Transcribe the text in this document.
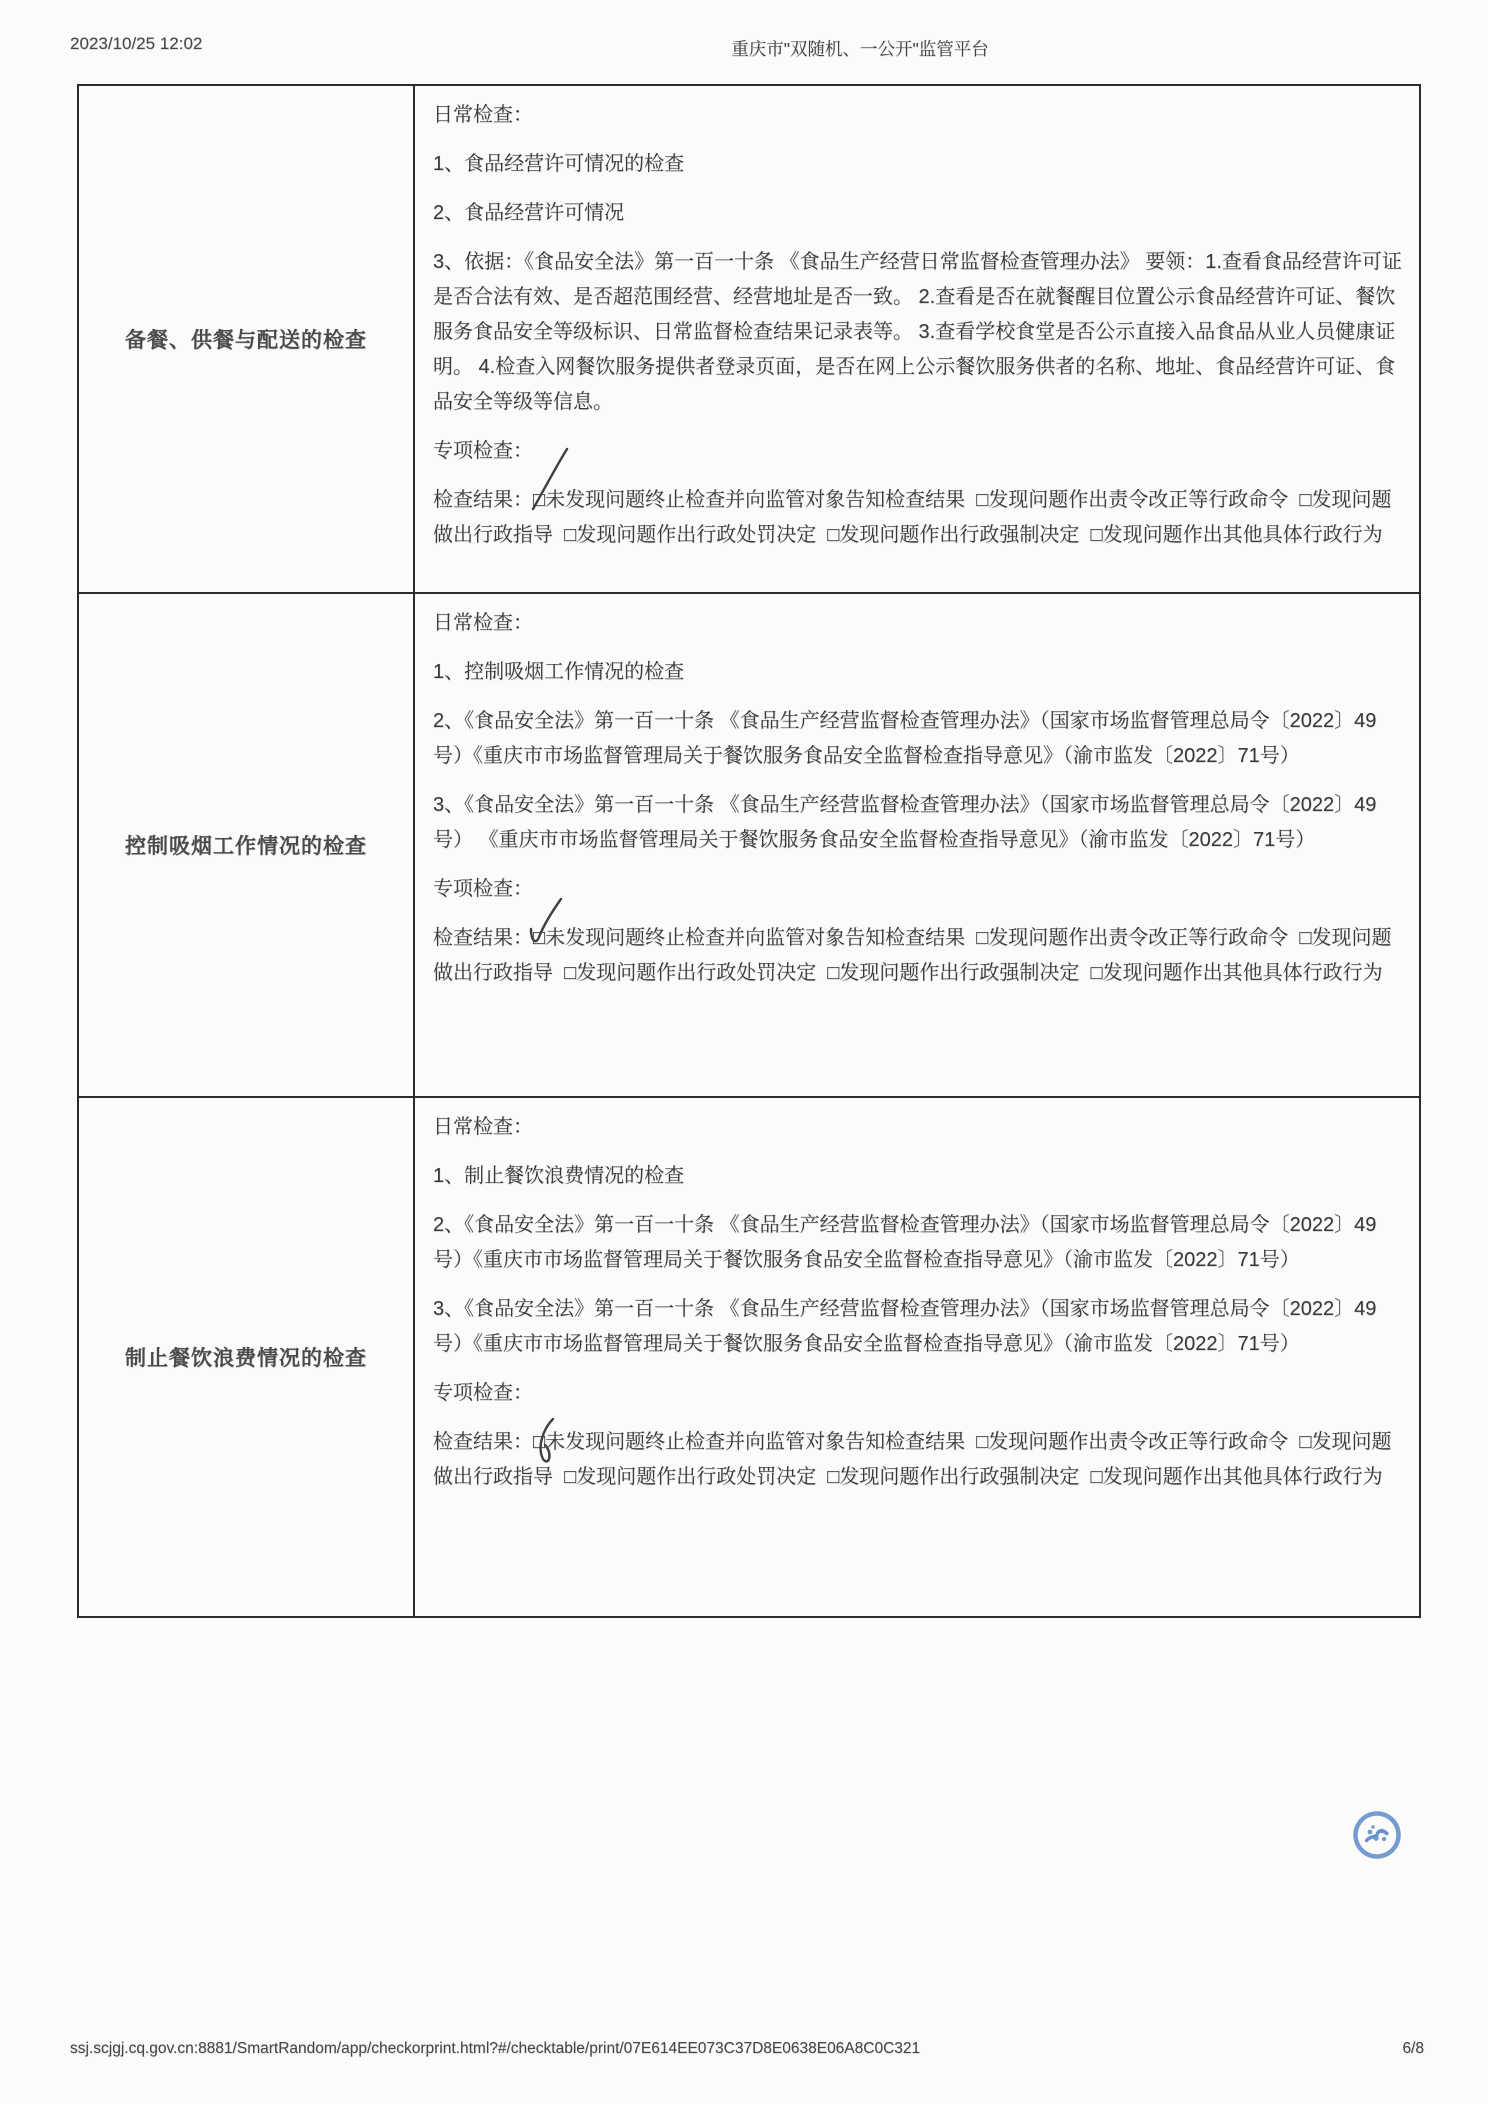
2023/10/25 12:02	重庆市"双随机、一公开"监管平台
备餐、供餐与配送的检查

日常检查：

1、食品经营许可情况的检查

2、食品经营许可情况

3、依据：《食品安全法》第一百一十条 《食品生产经营日常监督检查管理办法》 要领：1.查看食品经营许可证是否合法有效、是否超范围经营、经营地址是否一致。 2.查看是否在就餐醒目位置公示食品经营许可证、餐饮服务食品安全等级标识、日常监督检查结果记录表等。 3.查看学校食堂是否公示直接入品食品从业人员健康证明。 4.检查入网餐饮服务提供者登录页面，是否在网上公示餐饮服务供者的名称、地址、食品经营许可证、食品安全等级等信息。

专项检查：

检查结果：□
未发现问题终止检查并向监管对象告知检查结果  □发现问题作出责令改正等行政命令  □发现问题做出行政指导  □发现问题作出行政处罚决定  □发现问题作出行政强制决定  □发现问题作出其他具体行政行为

控制吸烟工作情况的检查

日常检查：

1、控制吸烟工作情况的检查

2、《食品安全法》第一百一十条 《食品生产经营监督检查管理办法》（国家市场监督管理总局令〔2022〕49号）《重庆市市场监督管理局关于餐饮服务食品安全监督检查指导意见》（渝市监发〔2022〕71号）

3、《食品安全法》第一百一十条 《食品生产经营监督检查管理办法》（国家市场监督管理总局令〔2022〕49号） 《重庆市市场监督管理局关于餐饮服务食品安全监督检查指导意见》（渝市监发〔2022〕71号）

专项检查：

检查结果：□
未发现问题终止检查并向监管对象告知检查结果  □发现问题作出责令改正等行政命令  □发现问题做出行政指导  □发现问题作出行政处罚决定  □发现问题作出行政强制决定  □发现问题作出其他具体行政行为

制止餐饮浪费情况的检查

日常检查：

1、制止餐饮浪费情况的检查

2、《食品安全法》第一百一十条 《食品生产经营监督检查管理办法》（国家市场监督管理总局令〔2022〕49号）《重庆市市场监督管理局关于餐饮服务食品安全监督检查指导意见》（渝市监发〔2022〕71号）

3、《食品安全法》第一百一十条 《食品生产经营监督检查管理办法》（国家市场监督管理总局令〔2022〕49号）《重庆市市场监督管理局关于餐饮服务食品安全监督检查指导意见》（渝市监发〔2022〕71号）

专项检查：

检查结果：□
未发现问题终止检查并向监管对象告知检查结果  □发现问题作出责令改正等行政命令  □发现问题做出行政指导  □发现问题作出行政处罚决定  □发现问题作出行政强制决定  □发现问题作出其他具体行政行为

ssj.scjgj.cq.gov.cn:8881/SmartRandom/app/checkorprint.html?#/checktable/print/07E614EE073C37D8E0638E06A8C0C321	6/8
